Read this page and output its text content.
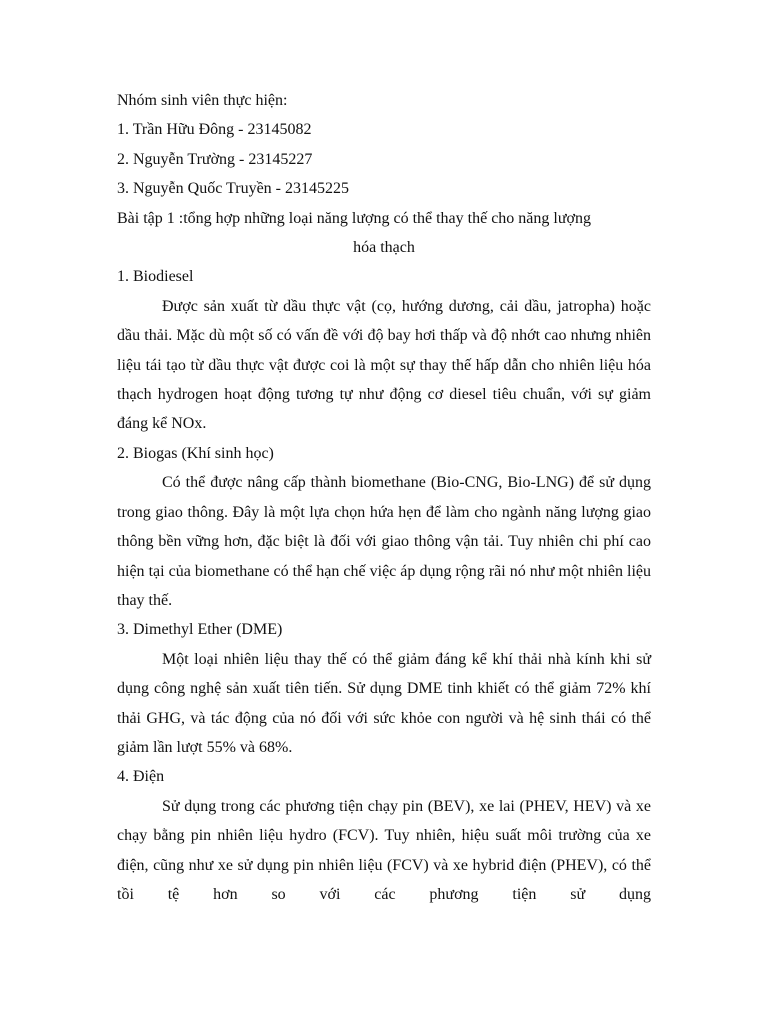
Nhóm sinh viên thực hiện:

1. Trần Hữu Đông - 23145082

2. Nguyễn Trường - 23145227

3. Nguyễn Quốc Truyền - 23145225

Bài tập 1 :tổng hợp những loại năng lượng có thể thay thế cho năng lượng
hóa thạch

1. Biodiesel

Được sản xuất từ dầu thực vật (cọ, hướng dương, cải dầu, jatropha) hoặc dầu thải. Mặc dù một số có vấn đề với độ bay hơi thấp và độ nhớt cao nhưng nhiên liệu tái tạo từ dầu thực vật được coi là một sự thay thế hấp dẫn cho nhiên liệu hóa thạch hydrogen hoạt động tương tự như động cơ diesel tiêu chuẩn, với sự giảm đáng kể NOx.

2. Biogas (Khí sinh học)

Có thể được nâng cấp thành biomethane (Bio-CNG, Bio-LNG) để sử dụng trong giao thông. Đây là một lựa chọn hứa hẹn để làm cho ngành năng lượng giao thông bền vững hơn, đặc biệt là đối với giao thông vận tải. Tuy nhiên chi phí cao hiện tại của biomethane có thể hạn chế việc áp dụng rộng rãi nó như một nhiên liệu thay thế.

3. Dimethyl Ether (DME)

Một loại nhiên liệu thay thế có thể giảm đáng kể khí thải nhà kính khi sử dụng công nghệ sản xuất tiên tiến. Sử dụng DME tinh khiết có thể giảm 72% khí thải GHG, và tác động của nó đối với sức khỏe con người và hệ sinh thái có thể giảm lần lượt 55% và 68%.

4. Điện

Sử dụng trong các phương tiện chạy pin (BEV), xe lai (PHEV, HEV) và xe chạy bằng pin nhiên liệu hydro (FCV). Tuy nhiên, hiệu suất môi trường của xe điện, cũng như xe sử dụng pin nhiên liệu (FCV) và xe hybrid điện (PHEV), có thể tồi tệ hơn so với các phương tiện sử dụng
